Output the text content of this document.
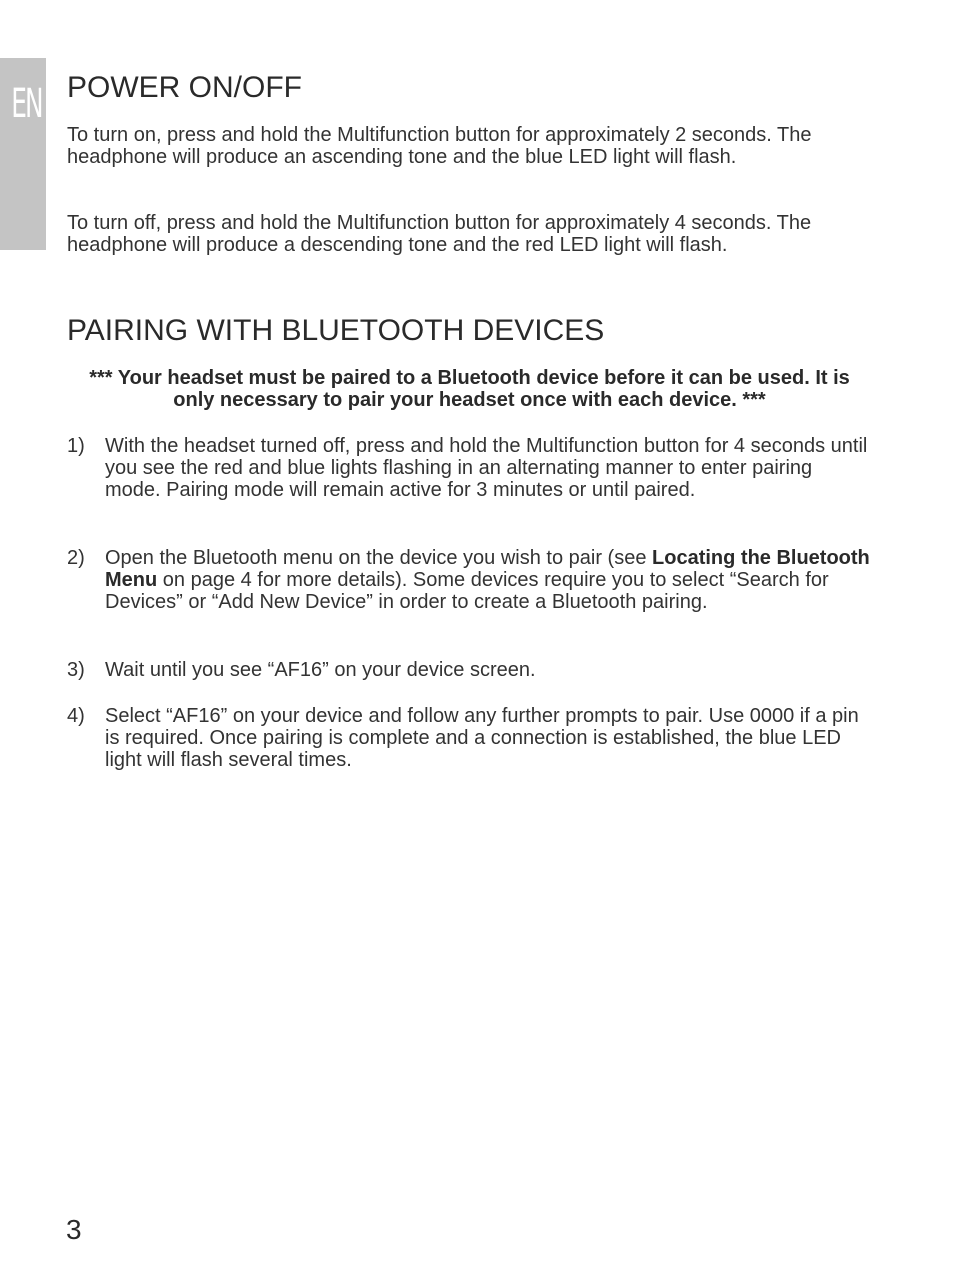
EN POWER ON/OFF

To turn on, press and hold the Multifunction button for approximately 2 seconds. The headphone will produce an ascending tone and the blue LED light will flash.

To turn off, press and hold the Multifunction button for approximately 4 seconds. The headphone will produce a descending tone and the red LED light will flash.

PAIRING WITH BLUETOOTH DEVICES

*** Your headset must be paired to a Bluetooth device before it can be used. It is only necessary to pair your headset once with each device. ***

1) With the headset turned off, press and hold the Multifunction button for 4 seconds until you see the red and blue lights flashing in an alternating manner to enter pairing mode. Pairing mode will remain active for 3 minutes or until paired.
2) Open the Bluetooth menu on the device you wish to pair (see Locating the Bluetooth Menu on page 4 for more details). Some devices require you to select “Search for Devices” or “Add New Device” in order to create a Bluetooth pairing.
3) Wait until you see “AF16” on your device screen.
4) Select “AF16” on your device and follow any further prompts to pair. Use 0000 if a pin is required. Once pairing is complete and a connection is established, the blue LED light will flash several times.
3
